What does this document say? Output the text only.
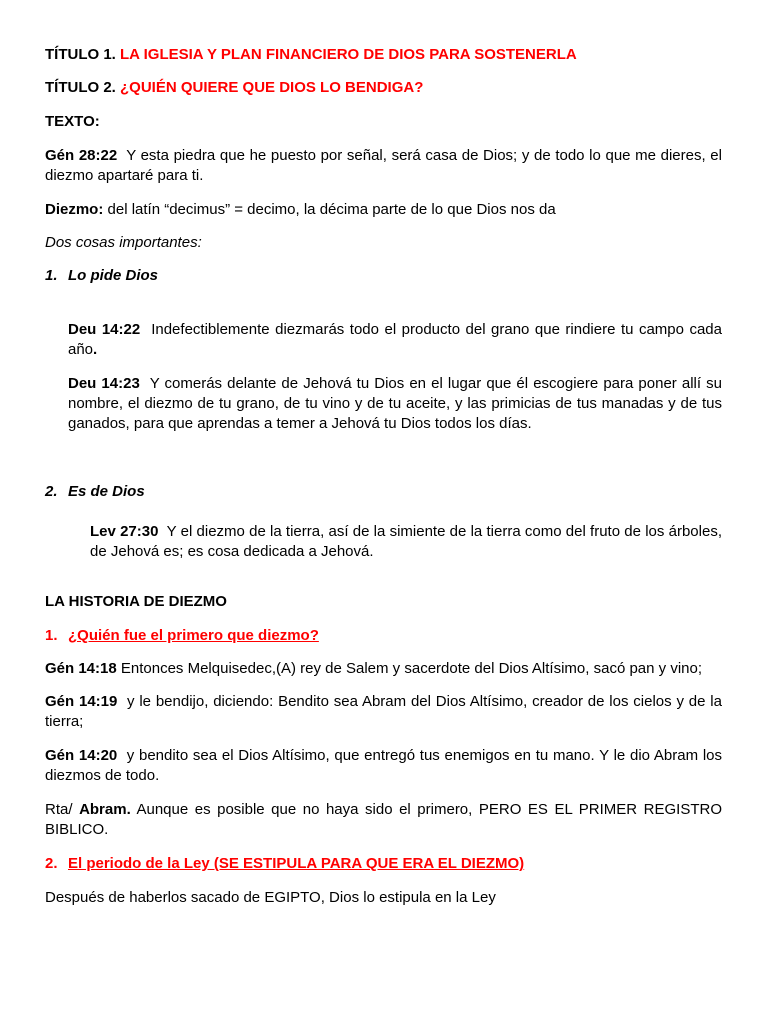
TÍTULO 1. LA IGLESIA Y PLAN FINANCIERO DE DIOS PARA SOSTENERLA

TÍTULO 2. ¿QUIÉN QUIERE QUE DIOS LO BENDIGA?

TEXTO:

Gén 28:22 Y esta piedra que he puesto por señal, será casa de Dios; y de todo lo que me dieres, el diezmo apartaré para ti.

Diezmo: del latín “decimus” = decimo, la décima parte de lo que Dios nos da

Dos cosas importantes:

1. Lo pide Dios

Deu 14:22 Indefectiblemente diezmarás todo el producto del grano que rindiere tu campo cada año.

Deu 14:23 Y comerás delante de Jehová tu Dios en el lugar que él escogiere para poner allí su nombre, el diezmo de tu grano, de tu vino y de tu aceite, y las primicias de tus manadas y de tus ganados, para que aprendas a temer a Jehová tu Dios todos los días.

2. Es de Dios

Lev 27:30 Y el diezmo de la tierra, así de la simiente de la tierra como del fruto de los árboles, de Jehová es; es cosa dedicada a Jehová.

LA HISTORIA DE DIEZMO

1. ¿Quién fue el primero que diezmo?

Gén 14:18 Entonces Melquisedec,(A) rey de Salem y sacerdote del Dios Altísimo, sacó pan y vino;

Gén 14:19 y le bendijo, diciendo: Bendito sea Abram del Dios Altísimo, creador de los cielos y de la tierra;

Gén 14:20 y bendito sea el Dios Altísimo, que entregó tus enemigos en tu mano. Y le dio Abram los diezmos de todo.

Rta/ Abram. Aunque es posible que no haya sido el primero, PERO ES EL PRIMER REGISTRO BIBLICO.

2. El periodo de la Ley (SE ESTIPULA PARA QUE ERA EL DIEZMO)

Después de haberlos sacado de EGIPTO, Dios lo estipula en la Ley
